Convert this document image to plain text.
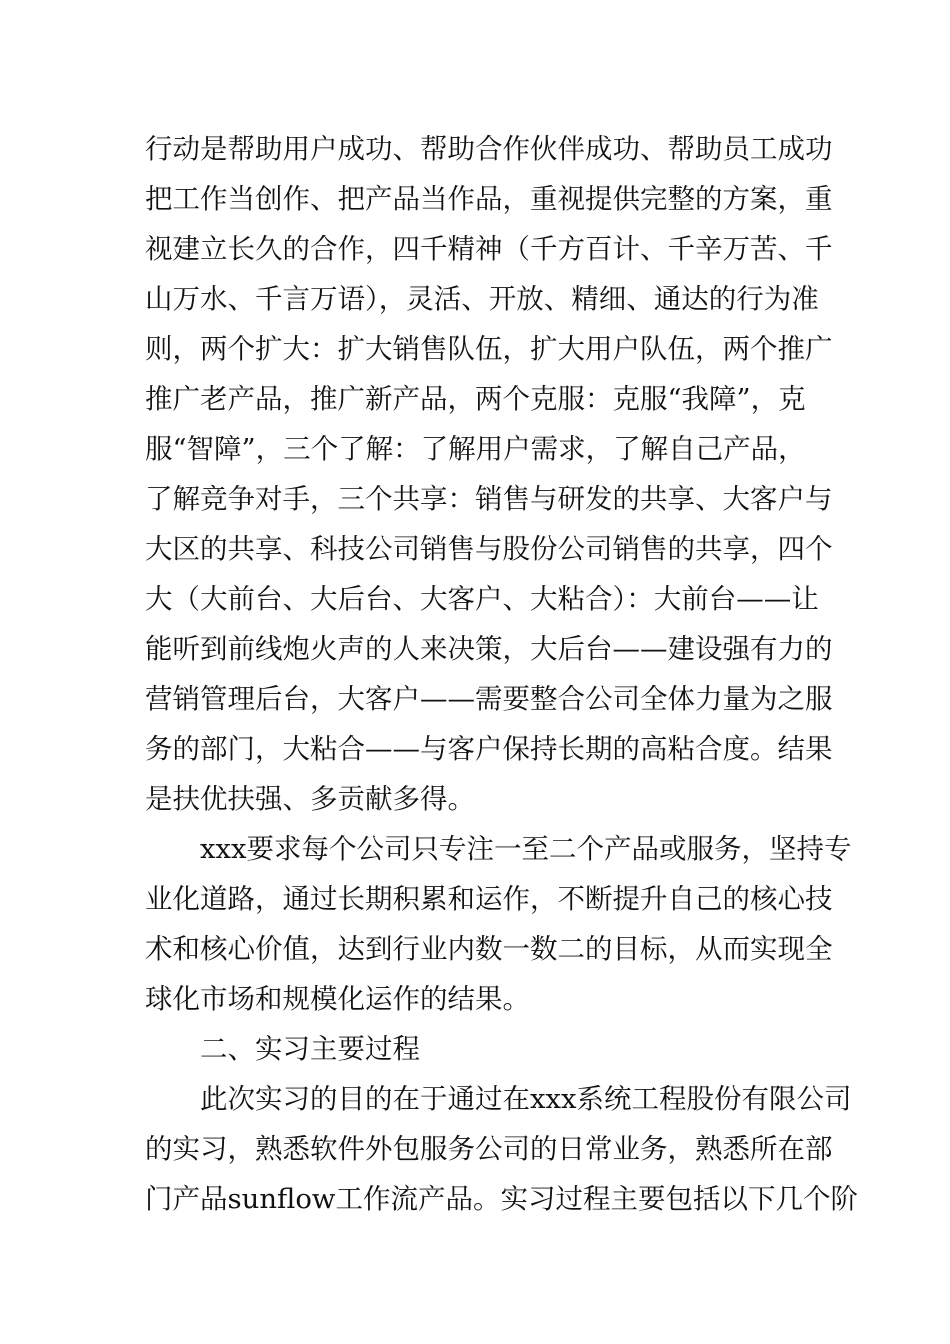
行动是帮助用户成功、帮助合作伙伴成功、帮助员工成功
把工作当创作、把产品当作品，重视提供完整的方案，重
视建立长久的合作，四千精神（千方百计、千辛万苦、千
山万水、千言万语），灵活、开放、精细、通达的行为准
则，两个扩大：扩大销售队伍，扩大用户队伍，两个推广
推广老产品，推广新产品，两个克服：克服“我障”，克
服“智障”，三个了解：了解用户需求，了解自己产品，
了解竞争对手，三个共享：销售与研发的共享、大客户与
大区的共享、科技公司销售与股份公司销售的共享，四个
大（大前台、大后台、大客户、大粘合）：大前台——让
能听到前线炮火声的人来决策，大后台——建设强有力的
营销管理后台，大客户——需要整合公司全体力量为之服
务的部门，大粘合——与客户保持长期的高粘合度。结果
是扶优扶强、多贡献多得。
xxx要求每个公司只专注一至二个产品或服务，坚持专
业化道路，通过长期积累和运作，不断提升自己的核心技
术和核心价值，达到行业内数一数二的目标，从而实现全
球化市场和规模化运作的结果。
二、实习主要过程
此次实习的目的在于通过在xxx系统工程股份有限公司
的实习，熟悉软件外包服务公司的日常业务，熟悉所在部
门产品sunflow工作流产品。实习过程主要包括以下几个阶
